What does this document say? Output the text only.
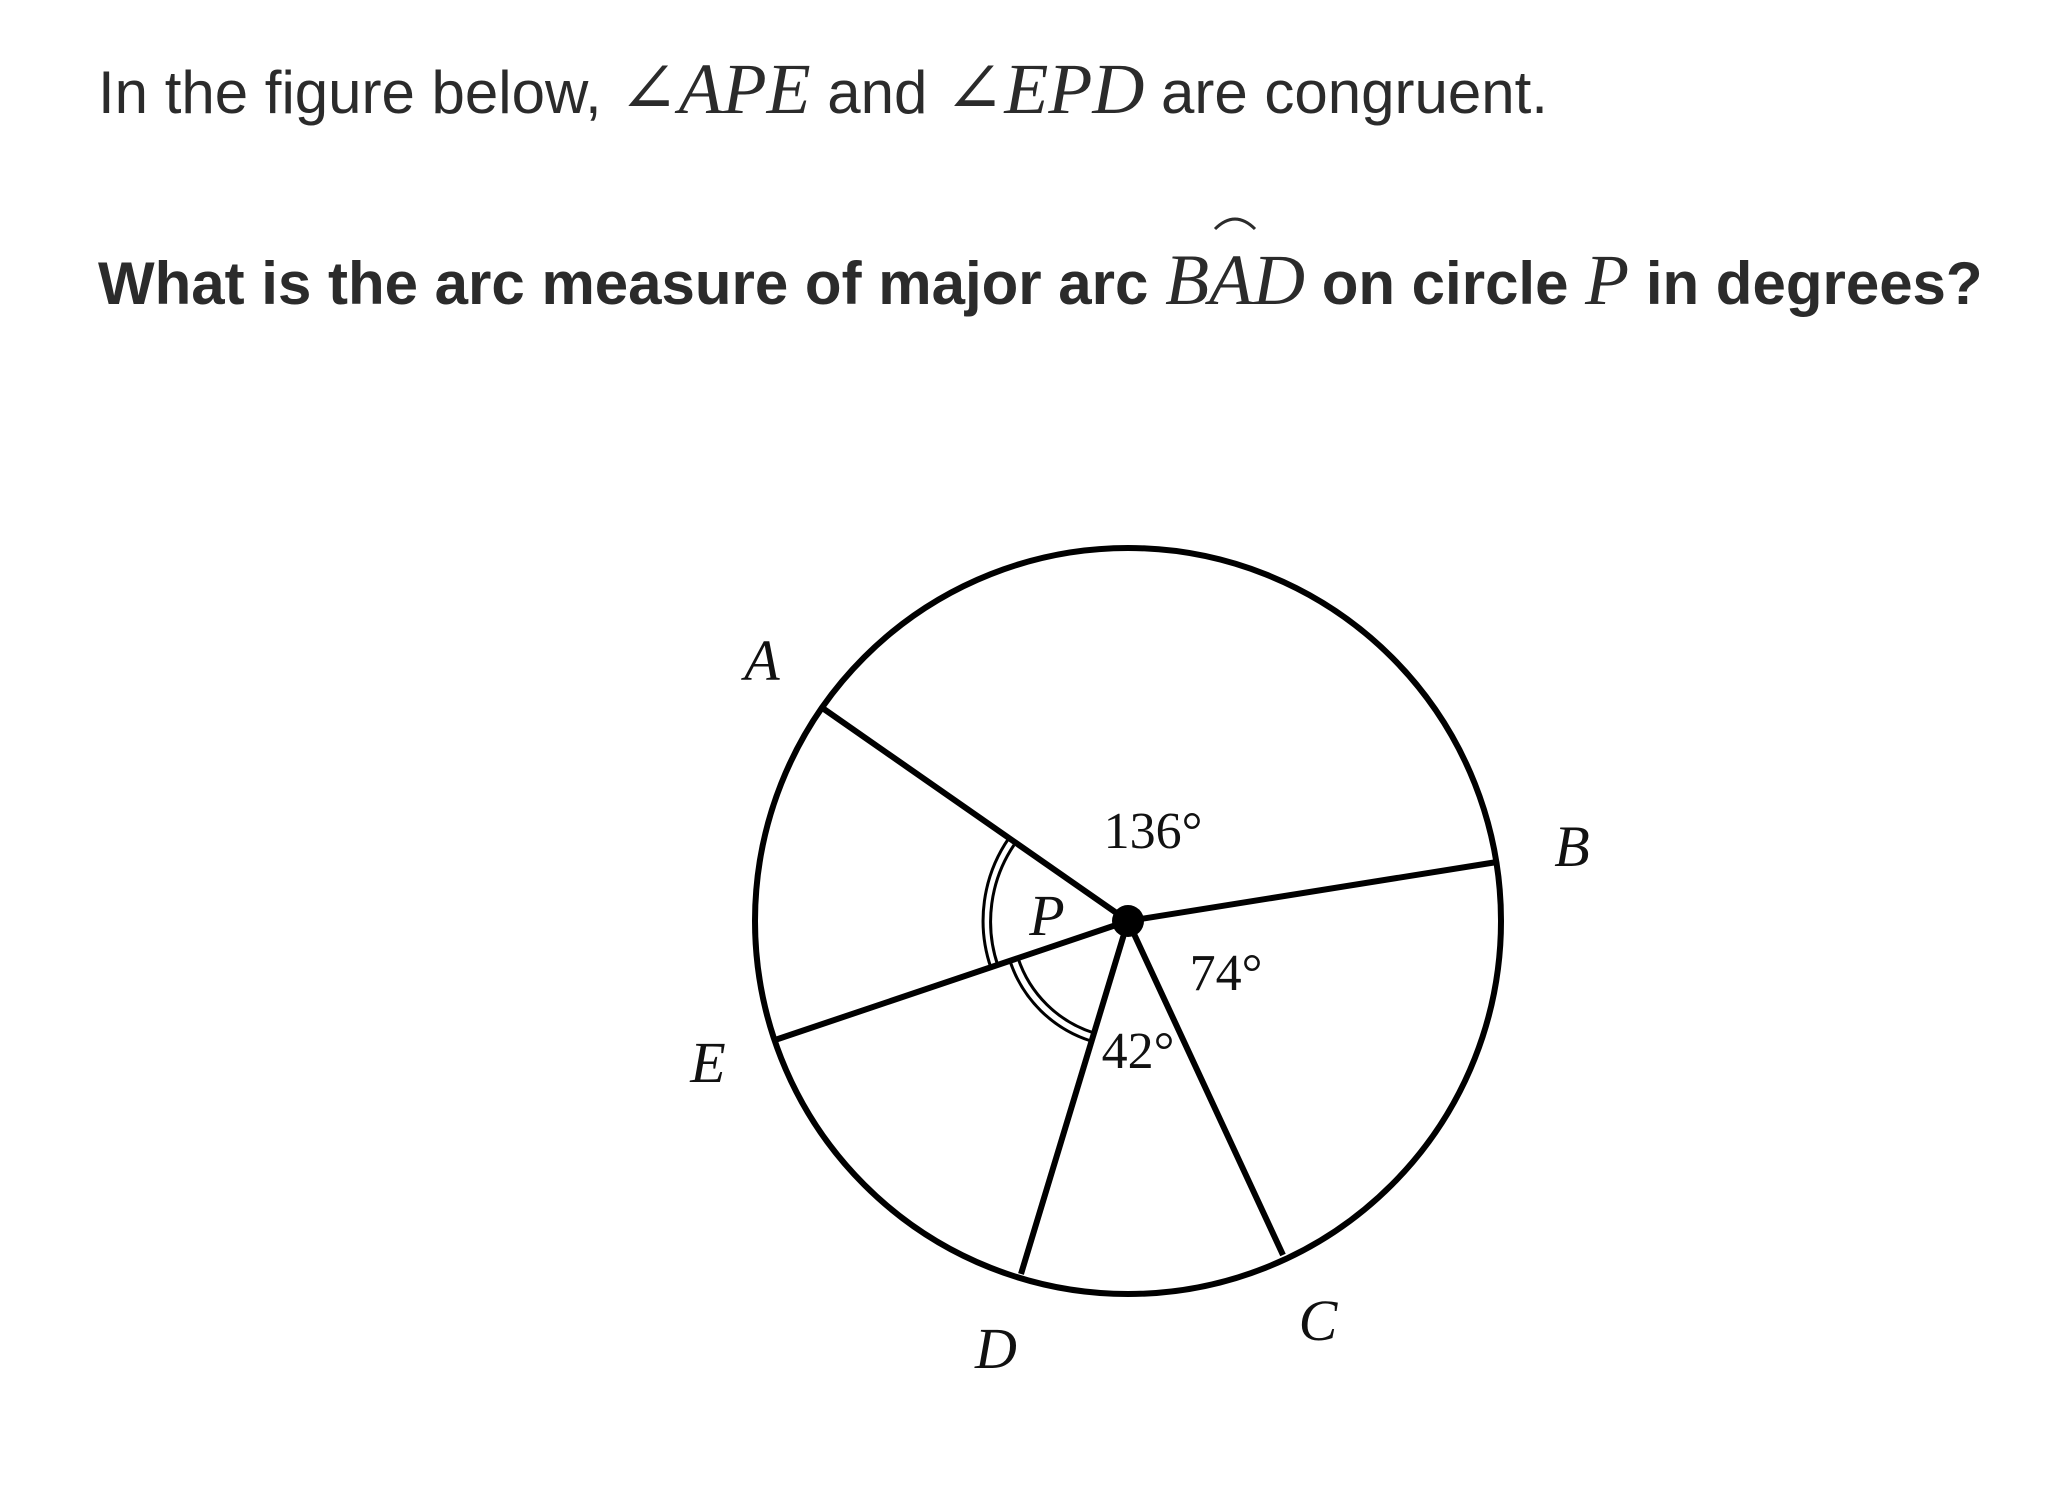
In the figure below, ∠APE and ∠EPD are congruent.
What is the arc measure of major arc BAD on circle P in degrees?
A
B
C
D
E
P
136°
74°
42°
